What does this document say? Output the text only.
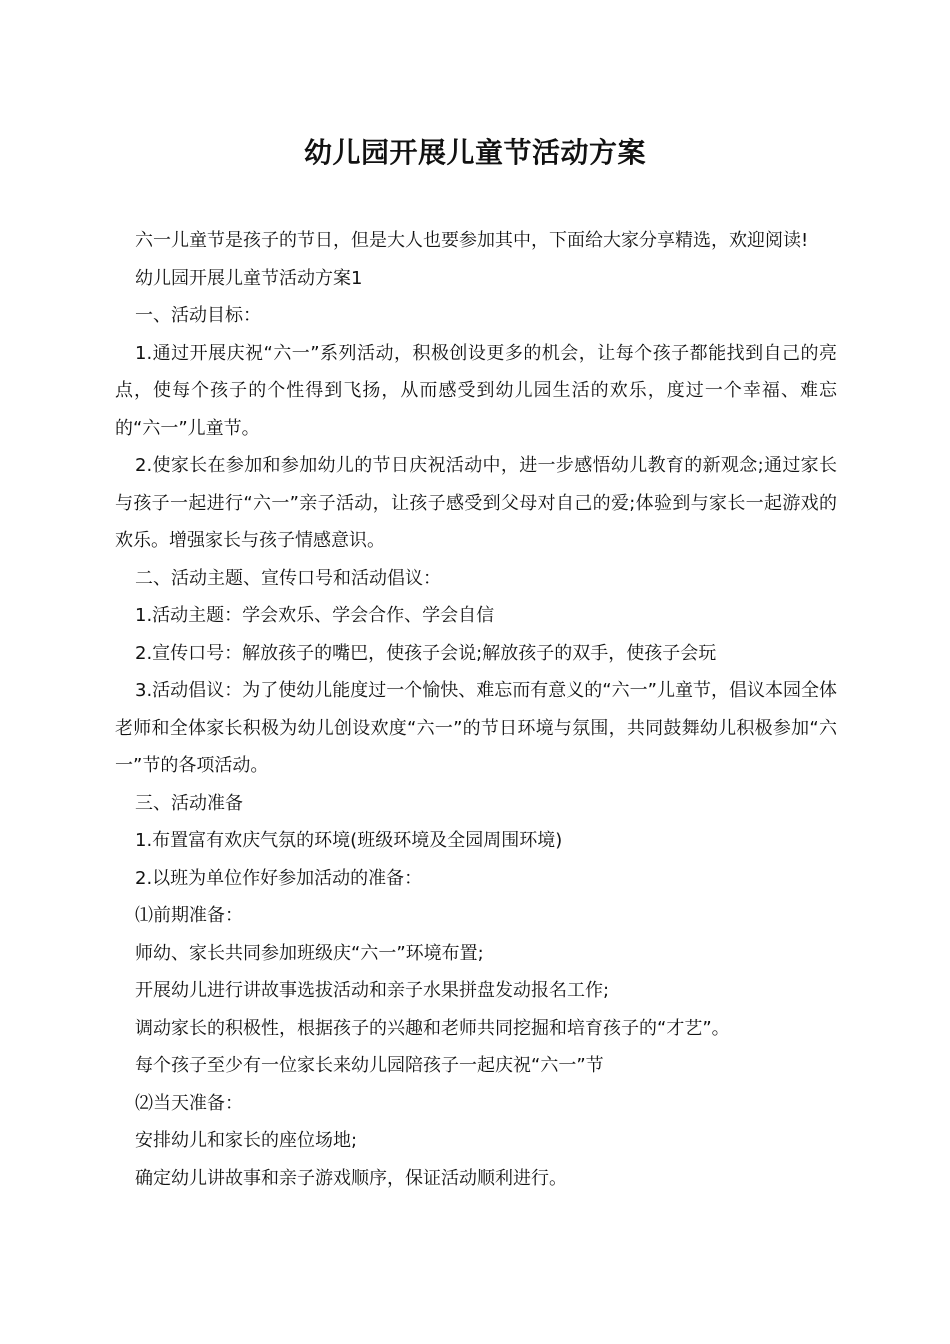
幼儿园开展儿童节活动方案

六一儿童节是孩子的节日，但是大人也要参加其中，下面给大家分享精选，欢迎阅读!

幼儿园开展儿童节活动方案1

一、活动目标：

1.通过开展庆祝“六一”系列活动，积极创设更多的机会，让每个孩子都能找到自己的亮点，使每个孩子的个性得到飞扬，从而感受到幼儿园生活的欢乐，度过一个幸福、难忘的“六一”儿童节。

2.使家长在参加和参加幼儿的节日庆祝活动中，进一步感悟幼儿教育的新观念;通过家长与孩子一起进行“六一”亲子活动，让孩子感受到父母对自己的爱;体验到与家长一起游戏的欢乐。增强家长与孩子情感意识。

二、活动主题、宣传口号和活动倡议：

1.活动主题：学会欢乐、学会合作、学会自信

2.宣传口号：解放孩子的嘴巴，使孩子会说;解放孩子的双手，使孩子会玩

3.活动倡议：为了使幼儿能度过一个愉快、难忘而有意义的“六一”儿童节，倡议本园全体老师和全体家长积极为幼儿创设欢度“六一”的节日环境与氛围，共同鼓舞幼儿积极参加“六一”节的各项活动。

三、活动准备

1.布置富有欢庆气氛的环境(班级环境及全园周围环境)

2.以班为单位作好参加活动的准备：

⑴前期准备：

师幼、家长共同参加班级庆“六一”环境布置;

开展幼儿进行讲故事选拔活动和亲子水果拼盘发动报名工作;

调动家长的积极性，根据孩子的兴趣和老师共同挖掘和培育孩子的“才艺”。

每个孩子至少有一位家长来幼儿园陪孩子一起庆祝“六一”节

⑵当天准备：

安排幼儿和家长的座位场地;

确定幼儿讲故事和亲子游戏顺序，保证活动顺利进行。
